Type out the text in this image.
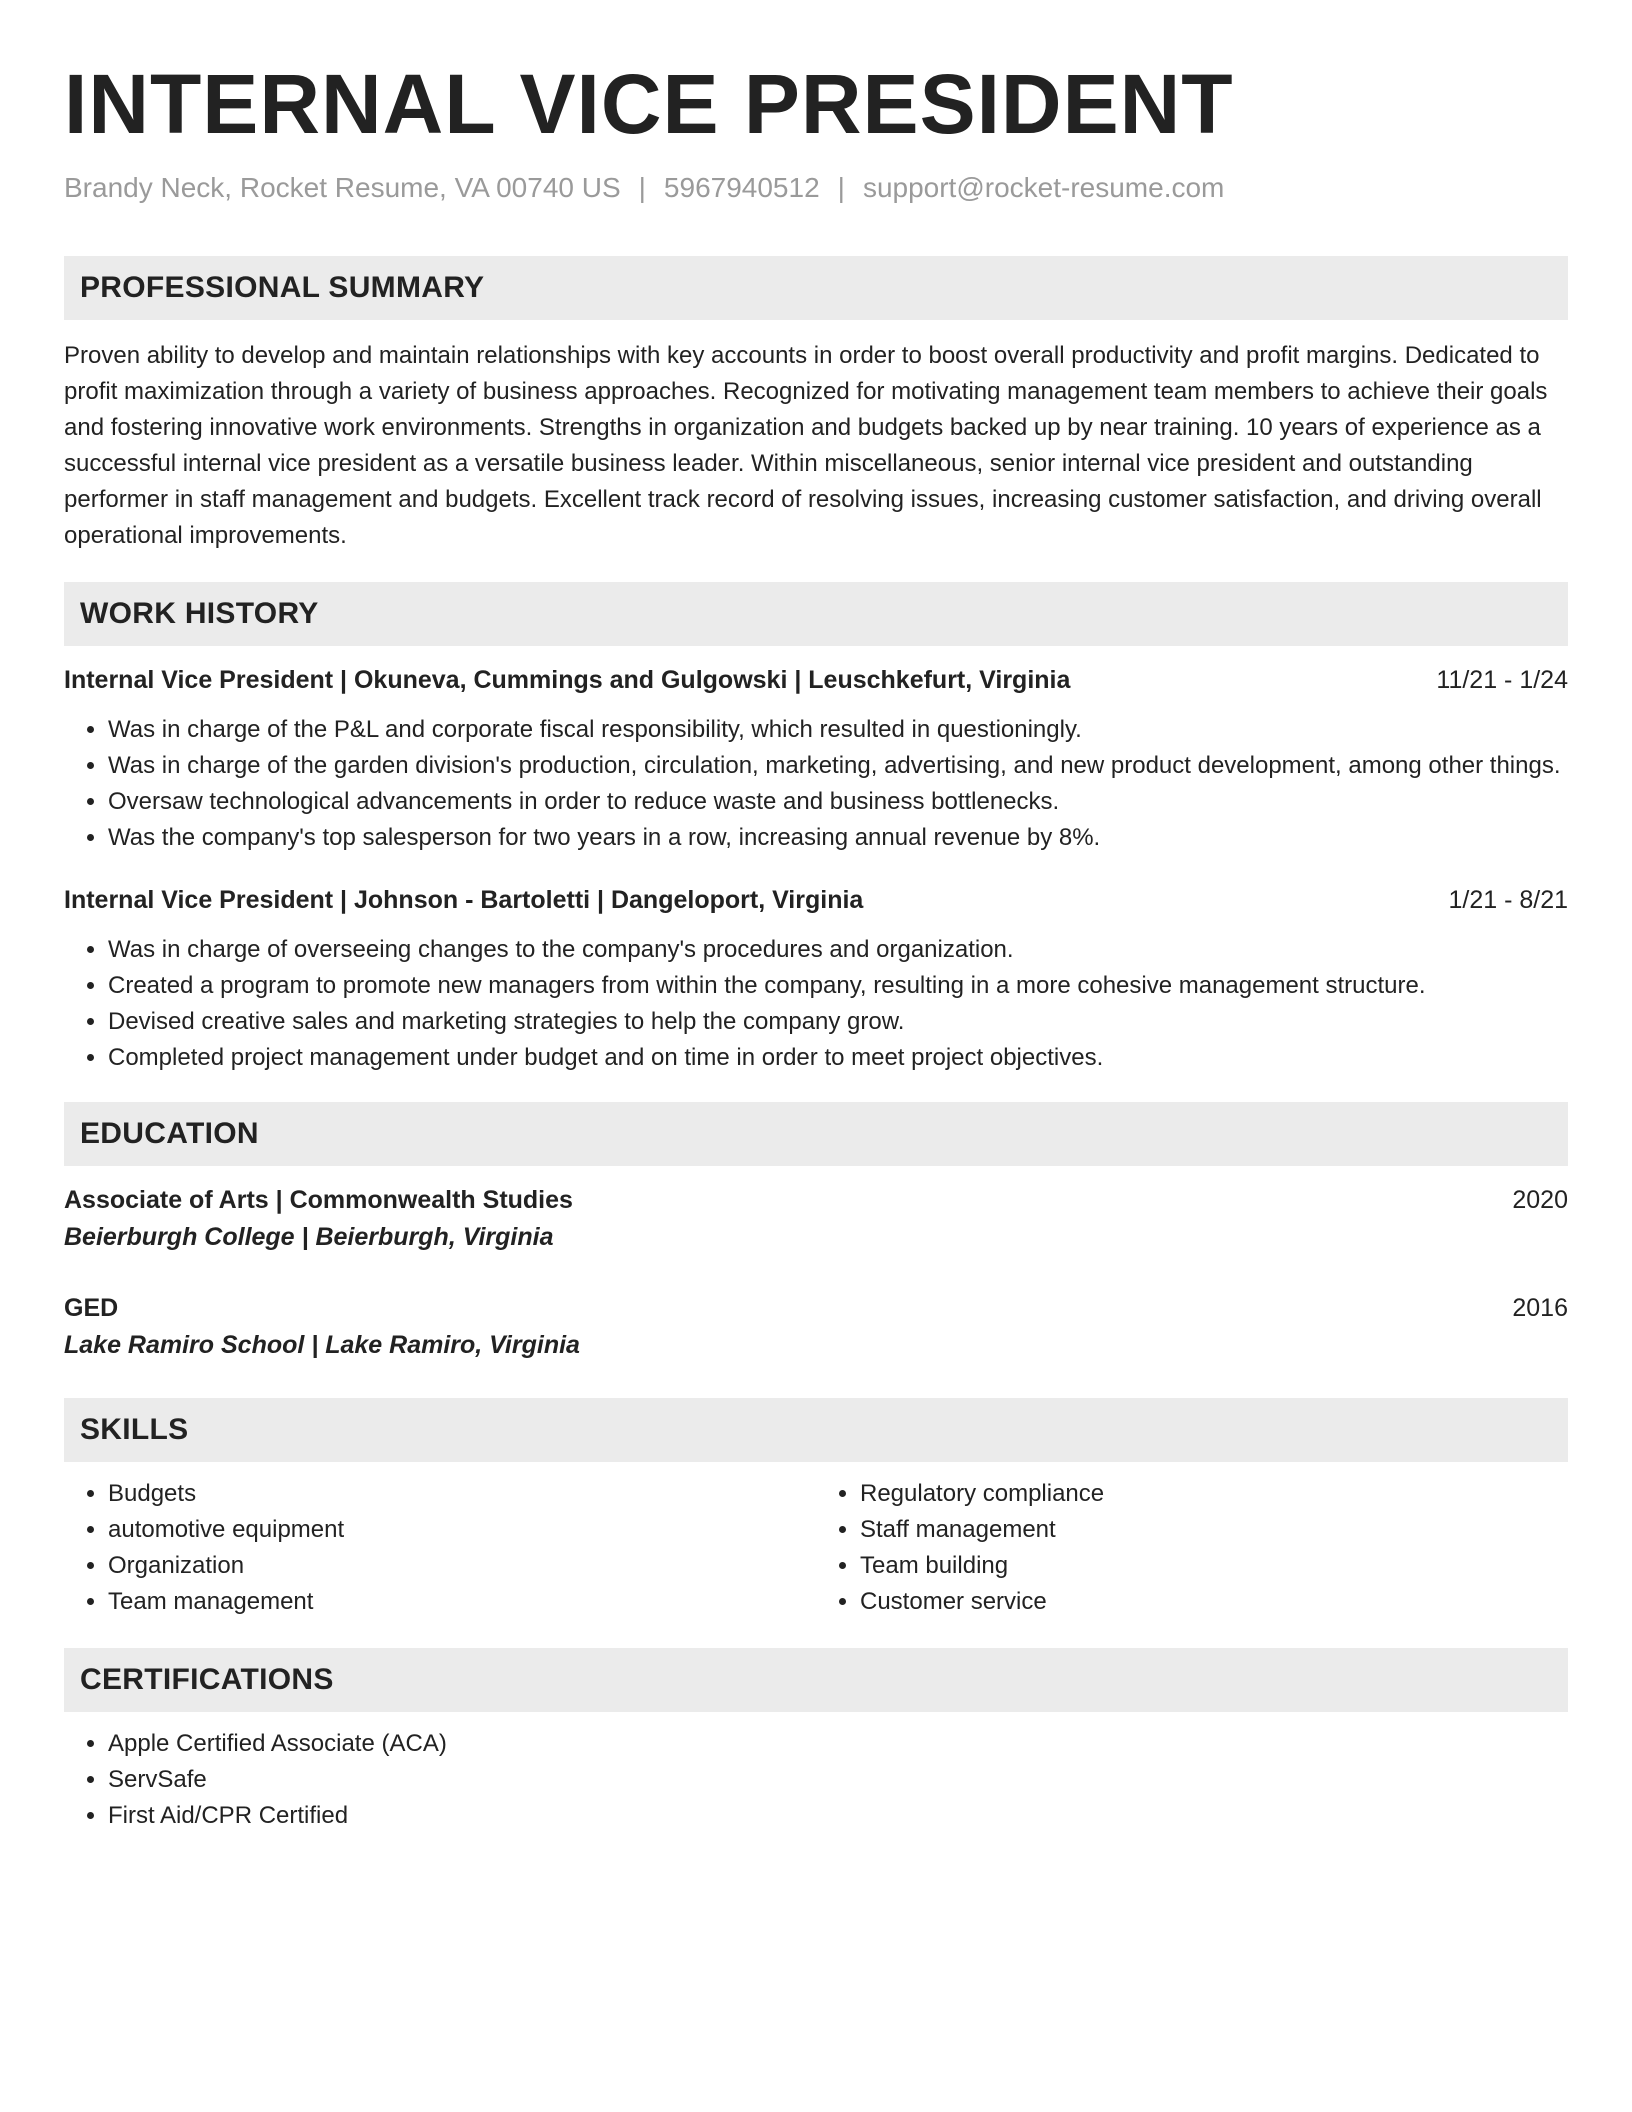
INTERNAL VICE PRESIDENT
Brandy Neck, Rocket Resume, VA 00740 US | 5967940512 | support@rocket-resume.com
PROFESSIONAL SUMMARY

Proven ability to develop and maintain relationships with key accounts in order to boost overall productivity and profit margins. Dedicated to profit maximization through a variety of business approaches. Recognized for motivating management team members to achieve their goals and fostering innovative work environments. Strengths in organization and budgets backed up by near training. 10 years of experience as a successful internal vice president as a versatile business leader. Within miscellaneous, senior internal vice president and outstanding performer in staff management and budgets. Excellent track record of resolving issues, increasing customer satisfaction, and driving overall operational improvements.

WORK HISTORY
Internal Vice President | Okuneva, Cummings and Gulgowski | Leuschkefurt, Virginia	11/21 - 1/24
• Was in charge of the P&L and corporate fiscal responsibility, which resulted in questioningly.
• Was in charge of the garden division's production, circulation, marketing, advertising, and new product development, among other things.
• Oversaw technological advancements in order to reduce waste and business bottlenecks.
• Was the company's top salesperson for two years in a row, increasing annual revenue by 8%.
Internal Vice President | Johnson - Bartoletti | Dangeloport, Virginia	1/21 - 8/21
• Was in charge of overseeing changes to the company's procedures and organization.
• Created a program to promote new managers from within the company, resulting in a more cohesive management structure.
• Devised creative sales and marketing strategies to help the company grow.
• Completed project management under budget and on time in order to meet project objectives.
EDUCATION
Associate of Arts | Commonwealth Studies	2020
Beierburgh College | Beierburgh, Virginia
GED	2016
Lake Ramiro School | Lake Ramiro, Virginia
SKILLS
• Budgets
• automotive equipment
• Organization
• Team management
• Regulatory compliance
• Staff management
• Team building
• Customer service
CERTIFICATIONS
• Apple Certified Associate (ACA)
• ServSafe
• First Aid/CPR Certified
